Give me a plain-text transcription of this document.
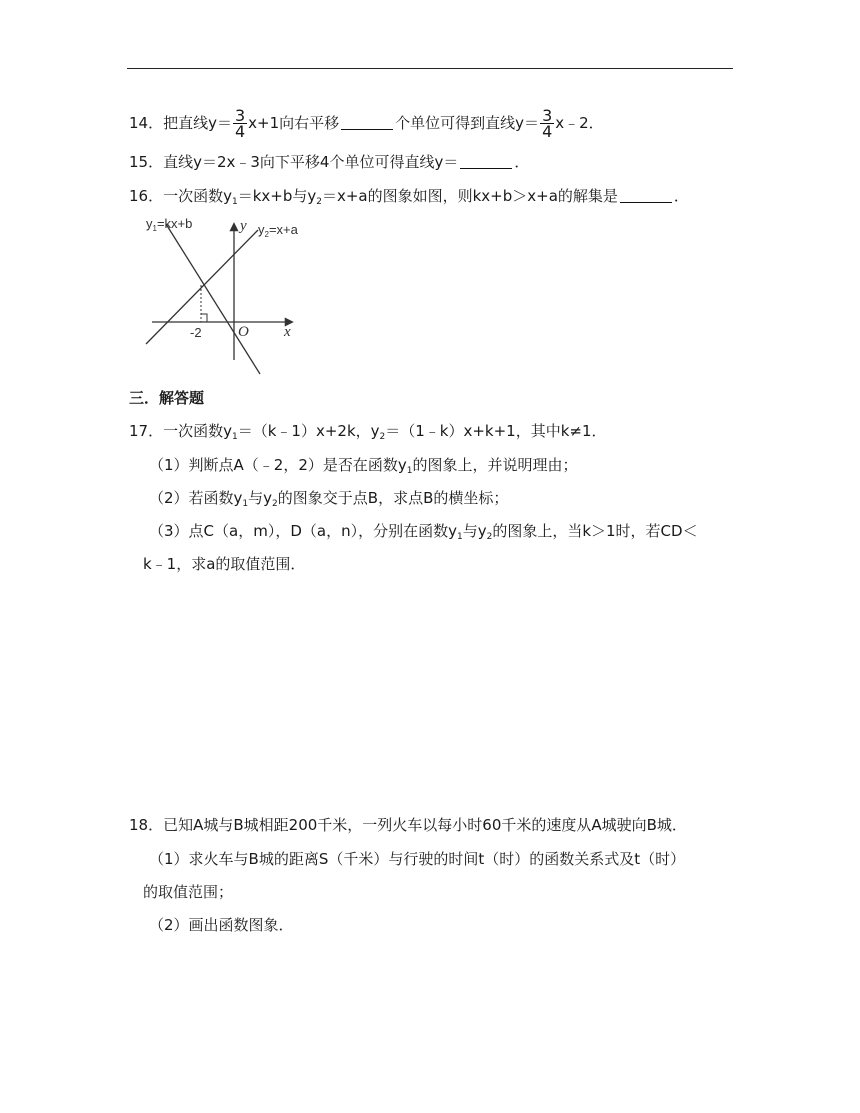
14．把直线$y= \frac{3}{4} x+1$向右平移	个单位可得到直线$y= \frac{3}{4}$ x﹣2．
15．直线y＝2x﹣3向下平移4个单位可得直线y＝	．
16．一次函数$y_1=kx+b$与$y_2=x+a$的图象如图，则kx+b＞x+a的解集是	．
$y_1=kx+b$	$y_2=x+a$
y
x
O
-2
三．解答题
17．一次函数$y_1=(k﹣1)x+2k$，$y_2=(1﹣k)x+k+1$，其中k≠1．
（1）判断点A（﹣2，2）是否在函数$y_1$的图象上，并说明理由；
（2）若函数$y_1$与$y_2$的图象交于点B，求点B的横坐标；
（3）点C（a，m），D（a，n），分别在函数$y_1$与$y_2$的图象上，当k＞1时，若CD＜
k﹣1，求a的取值范围．
18．已知A城与B城相距200千米，一列火车以每小时60千米的速度从A城驶向B城．
（1）求火车与B城的距离S（千米）与行驶的时间t（时）的函数关系式及t（时）
的取值范围；
（2）画出函数图象．
